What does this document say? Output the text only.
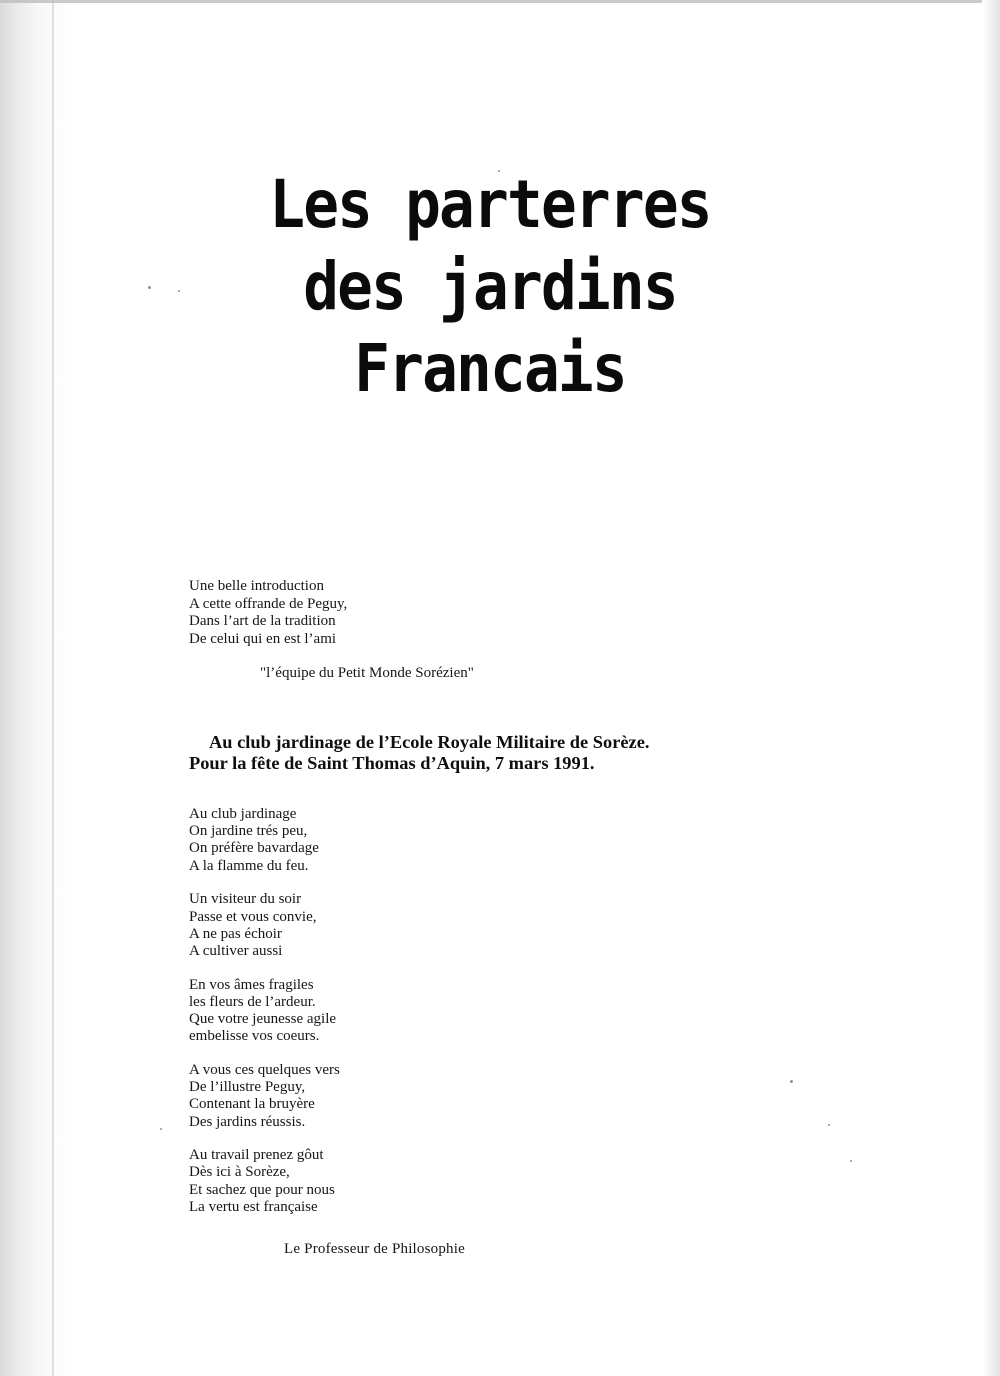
Les parterres
des jardins
Francais
Une belle introduction
A cette offrande de Peguy,
Dans l’art de la tradition
De celui qui en est l’ami
"l’équipe du Petit Monde Sorézien"
Au club jardinage de l’Ecole Royale Militaire de Sorèze.
Pour la fête de Saint Thomas d’Aquin, 7 mars 1991.
Au club jardinage
On jardine trés peu,
On préfère bavardage
A la flamme du feu.
Un visiteur du soir
Passe et vous convie,
A ne pas échoir
A cultiver aussi
En vos âmes fragiles
les fleurs de l’ardeur.
Que votre jeunesse agile
embelisse vos coeurs.
A vous ces quelques vers
De l’illustre Peguy,
Contenant la bruyère
Des jardins réussis.
Au travail prenez gôut
Dès ici à Sorèze,
Et sachez que pour nous
La vertu est française
Le Professeur de Philosophie
